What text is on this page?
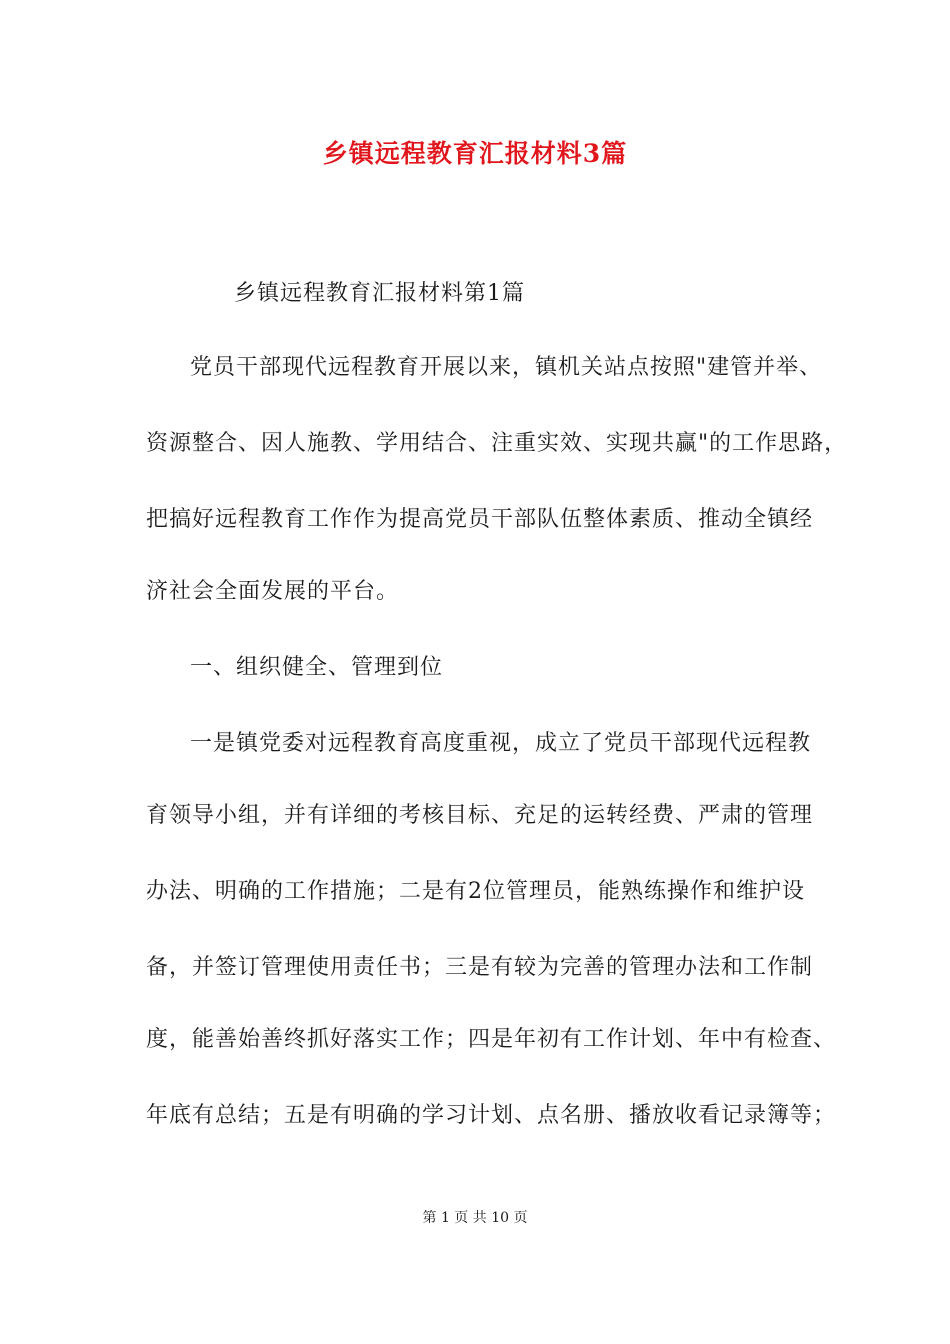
乡镇远程教育汇报材料3篇
乡镇远程教育汇报材料第1篇
党员干部现代远程教育开展以来，镇机关站点按照"建管并举、
资源整合、因人施教、学用结合、注重实效、实现共赢"的工作思路，
把搞好远程教育工作作为提高党员干部队伍整体素质、推动全镇经
济社会全面发展的平台。
一、组织健全、管理到位
一是镇党委对远程教育高度重视，成立了党员干部现代远程教
育领导小组，并有详细的考核目标、充足的运转经费、严肃的管理
办法、明确的工作措施；二是有2位管理员，能熟练操作和维护设
备，并签订管理使用责任书；三是有较为完善的管理办法和工作制
度，能善始善终抓好落实工作；四是年初有工作计划、年中有检查、
年底有总结；五是有明确的学习计划、点名册、播放收看记录簿等；
第 1 页 共 10 页
